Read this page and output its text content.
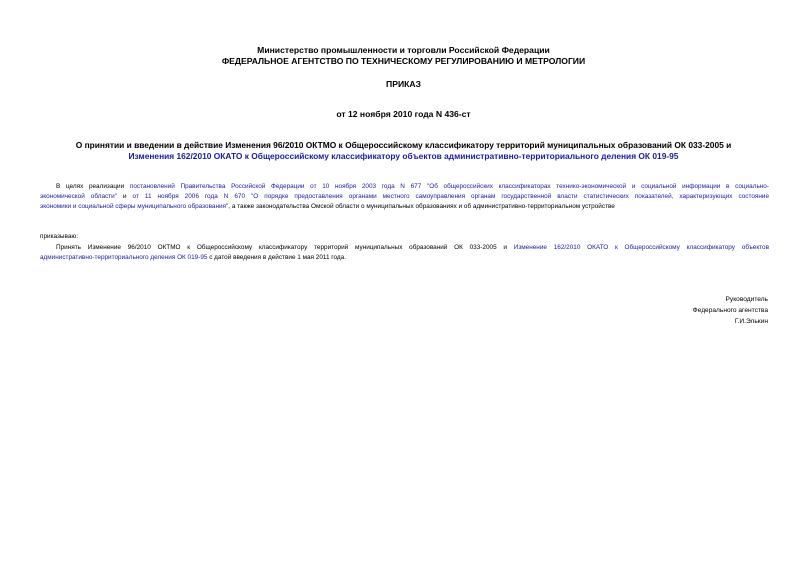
Министерство промышленности и торговли Российской Федерации
ФЕДЕРАЛЬНОЕ АГЕНТСТВО ПО ТЕХНИЧЕСКОМУ РЕГУЛИРОВАНИЮ И МЕТРОЛОГИИ
ПРИКАЗ
от 12 ноября 2010 года N 436-ст
О принятии и введении в действие Изменения 96/2010 ОКТМО к Общероссийскому классификатору территорий муниципальных образований ОК 033-2005 и
Изменения 162/2010 ОКАТО к Общероссийскому классификатору объектов административно-территориального деления ОК 019-95
В целях реализации постановлений Правительства Российской Федерации от 10 ноября 2003 года N 677 "Об общероссийских классификаторах технико-экономической и социальной информации в социально-
экономической области" и от 11 ноября 2006 года N 670 "О порядке предоставления органами местного самоуправления органам государственной власти статистических показателей, характеризующих состояние
экономики и социальной сферы муниципального образования", а также законодательства Омской области о муниципальных образованиях и об административно-территориальном устройстве
приказываю:
Принять Изменение 96/2010 ОКТМО к Общероссийскому классификатору территорий муниципальных образований ОК 033-2005 и Изменение 162/2010 ОКАТО к Общероссийскому классификатору объектов
административно-территориального деления ОК 019-95 с датой введения в действие 1 мая 2011 года.
Руководитель
Федерального агентства
Г.И.Элькин
